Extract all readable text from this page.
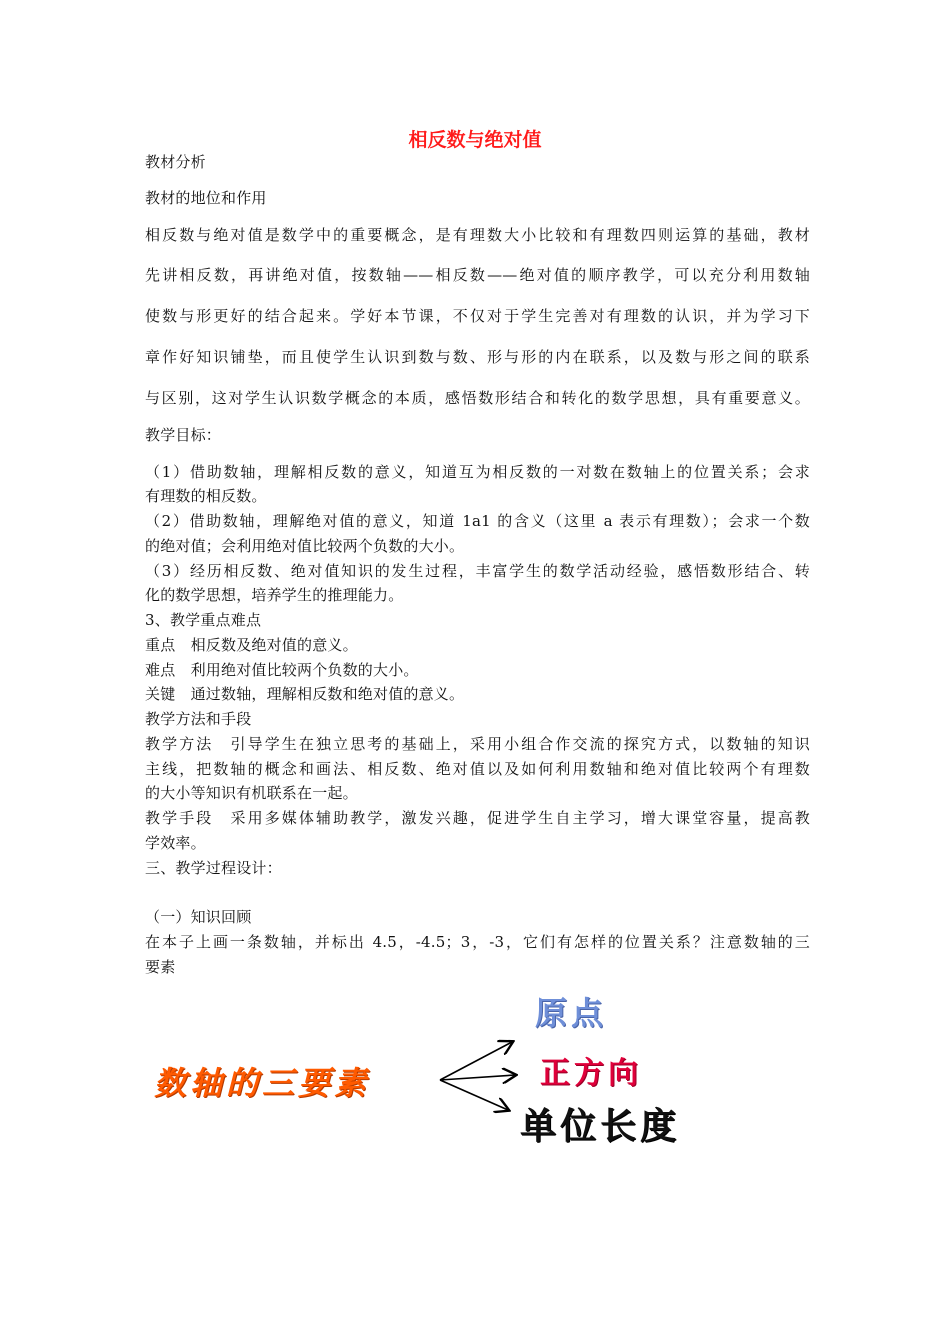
相反数与绝对值
教材分析
教材的地位和作用
相反数与绝对值是数学中的重要概念，是有理数大小比较和有理数四则运算的基础，教材
先讲相反数，再讲绝对值，按数轴——相反数——绝对值的顺序教学，可以充分利用数轴
使数与形更好的结合起来。学好本节课，不仅对于学生完善对有理数的认识，并为学习下
章作好知识铺垫，而且使学生认识到数与数、形与形的内在联系，以及数与形之间的联系
与区别，这对学生认识数学概念的本质，感悟数形结合和转化的数学思想，具有重要意义。
教学目标：
（1）借助数轴，理解相反数的意义，知道互为相反数的一对数在数轴上的位置关系；会求
有理数的相反数。
（2）借助数轴，理解绝对值的意义，知道 1a1 的含义（这里 a 表示有理数）；会求一个数
的绝对值；会利用绝对值比较两个负数的大小。
（3）经历相反数、绝对值知识的发生过程，丰富学生的数学活动经验，感悟数形结合、转
化的数学思想，培养学生的推理能力。
3、教学重点难点
重点　相反数及绝对值的意义。
难点　利用绝对值比较两个负数的大小。
关键　通过数轴，理解相反数和绝对值的意义。
教学方法和手段
教学方法　引导学生在独立思考的基础上，采用小组合作交流的探究方式，以数轴的知识
主线，把数轴的概念和画法、相反数、绝对值以及如何利用数轴和绝对值比较两个有理数
的大小等知识有机联系在一起。
教学手段　采用多媒体辅助教学，激发兴趣，促进学生自主学习，增大课堂容量，提高教
学效率。
三、教学过程设计：
（一）知识回顾
在本子上画一条数轴，并标出 4.5，-4.5；3，-3，它们有怎样的位置关系？注意数轴的三
要素
数轴的三要素
原点
正方向
单位长度
